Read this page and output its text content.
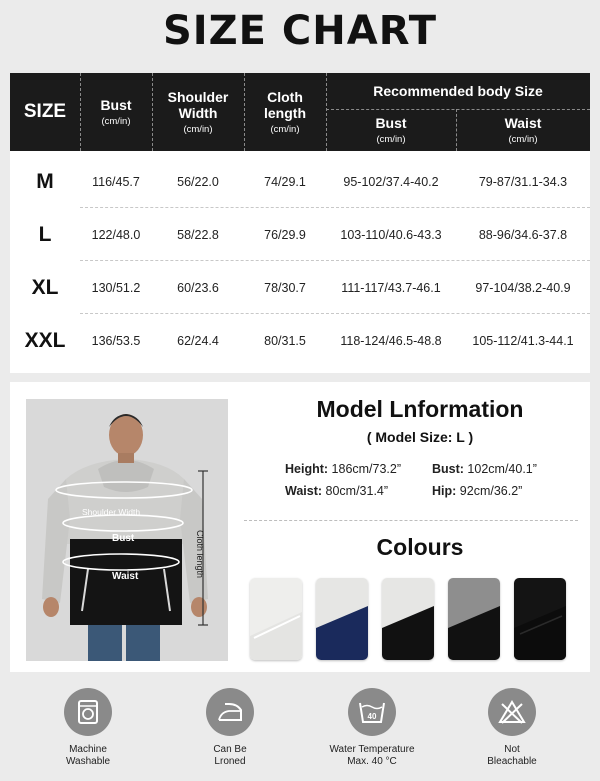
SIZE CHART
SIZE	Bust
(cm/in)
Shoulder Width
(cm/in)
Cloth length
(cm/in)
Recommended body Size
Bust
(cm/in)
Waist
(cm/in)
M	116/45.7	56/22.0	74/29.1	95-102/37.4-40.2	79-87/31.1-34.3
L	122/48.0	58/22.8	76/29.9	103-110/40.6-43.3	88-96/34.6-37.8
XL	130/51.2	60/23.6	78/30.7	111-117/43.7-46.1	97-104/38.2-40.9
XXL	136/53.5	62/24.4	80/31.5	118-124/46.5-48.8	105-112/41.3-44.1
Shoulder Width
Bust
Waist	Cloth length
Model Lnformation
( Model Size: L )
Height: 186cm/73.2” Bust: 102cm/40.1”
Waist: 80cm/31.4”	Hip: 92cm/36.2”
Colours
Machine
Washable
Can Be
Lroned
40
Water Temperature
Max. 40 °C
Not
Bleachable
